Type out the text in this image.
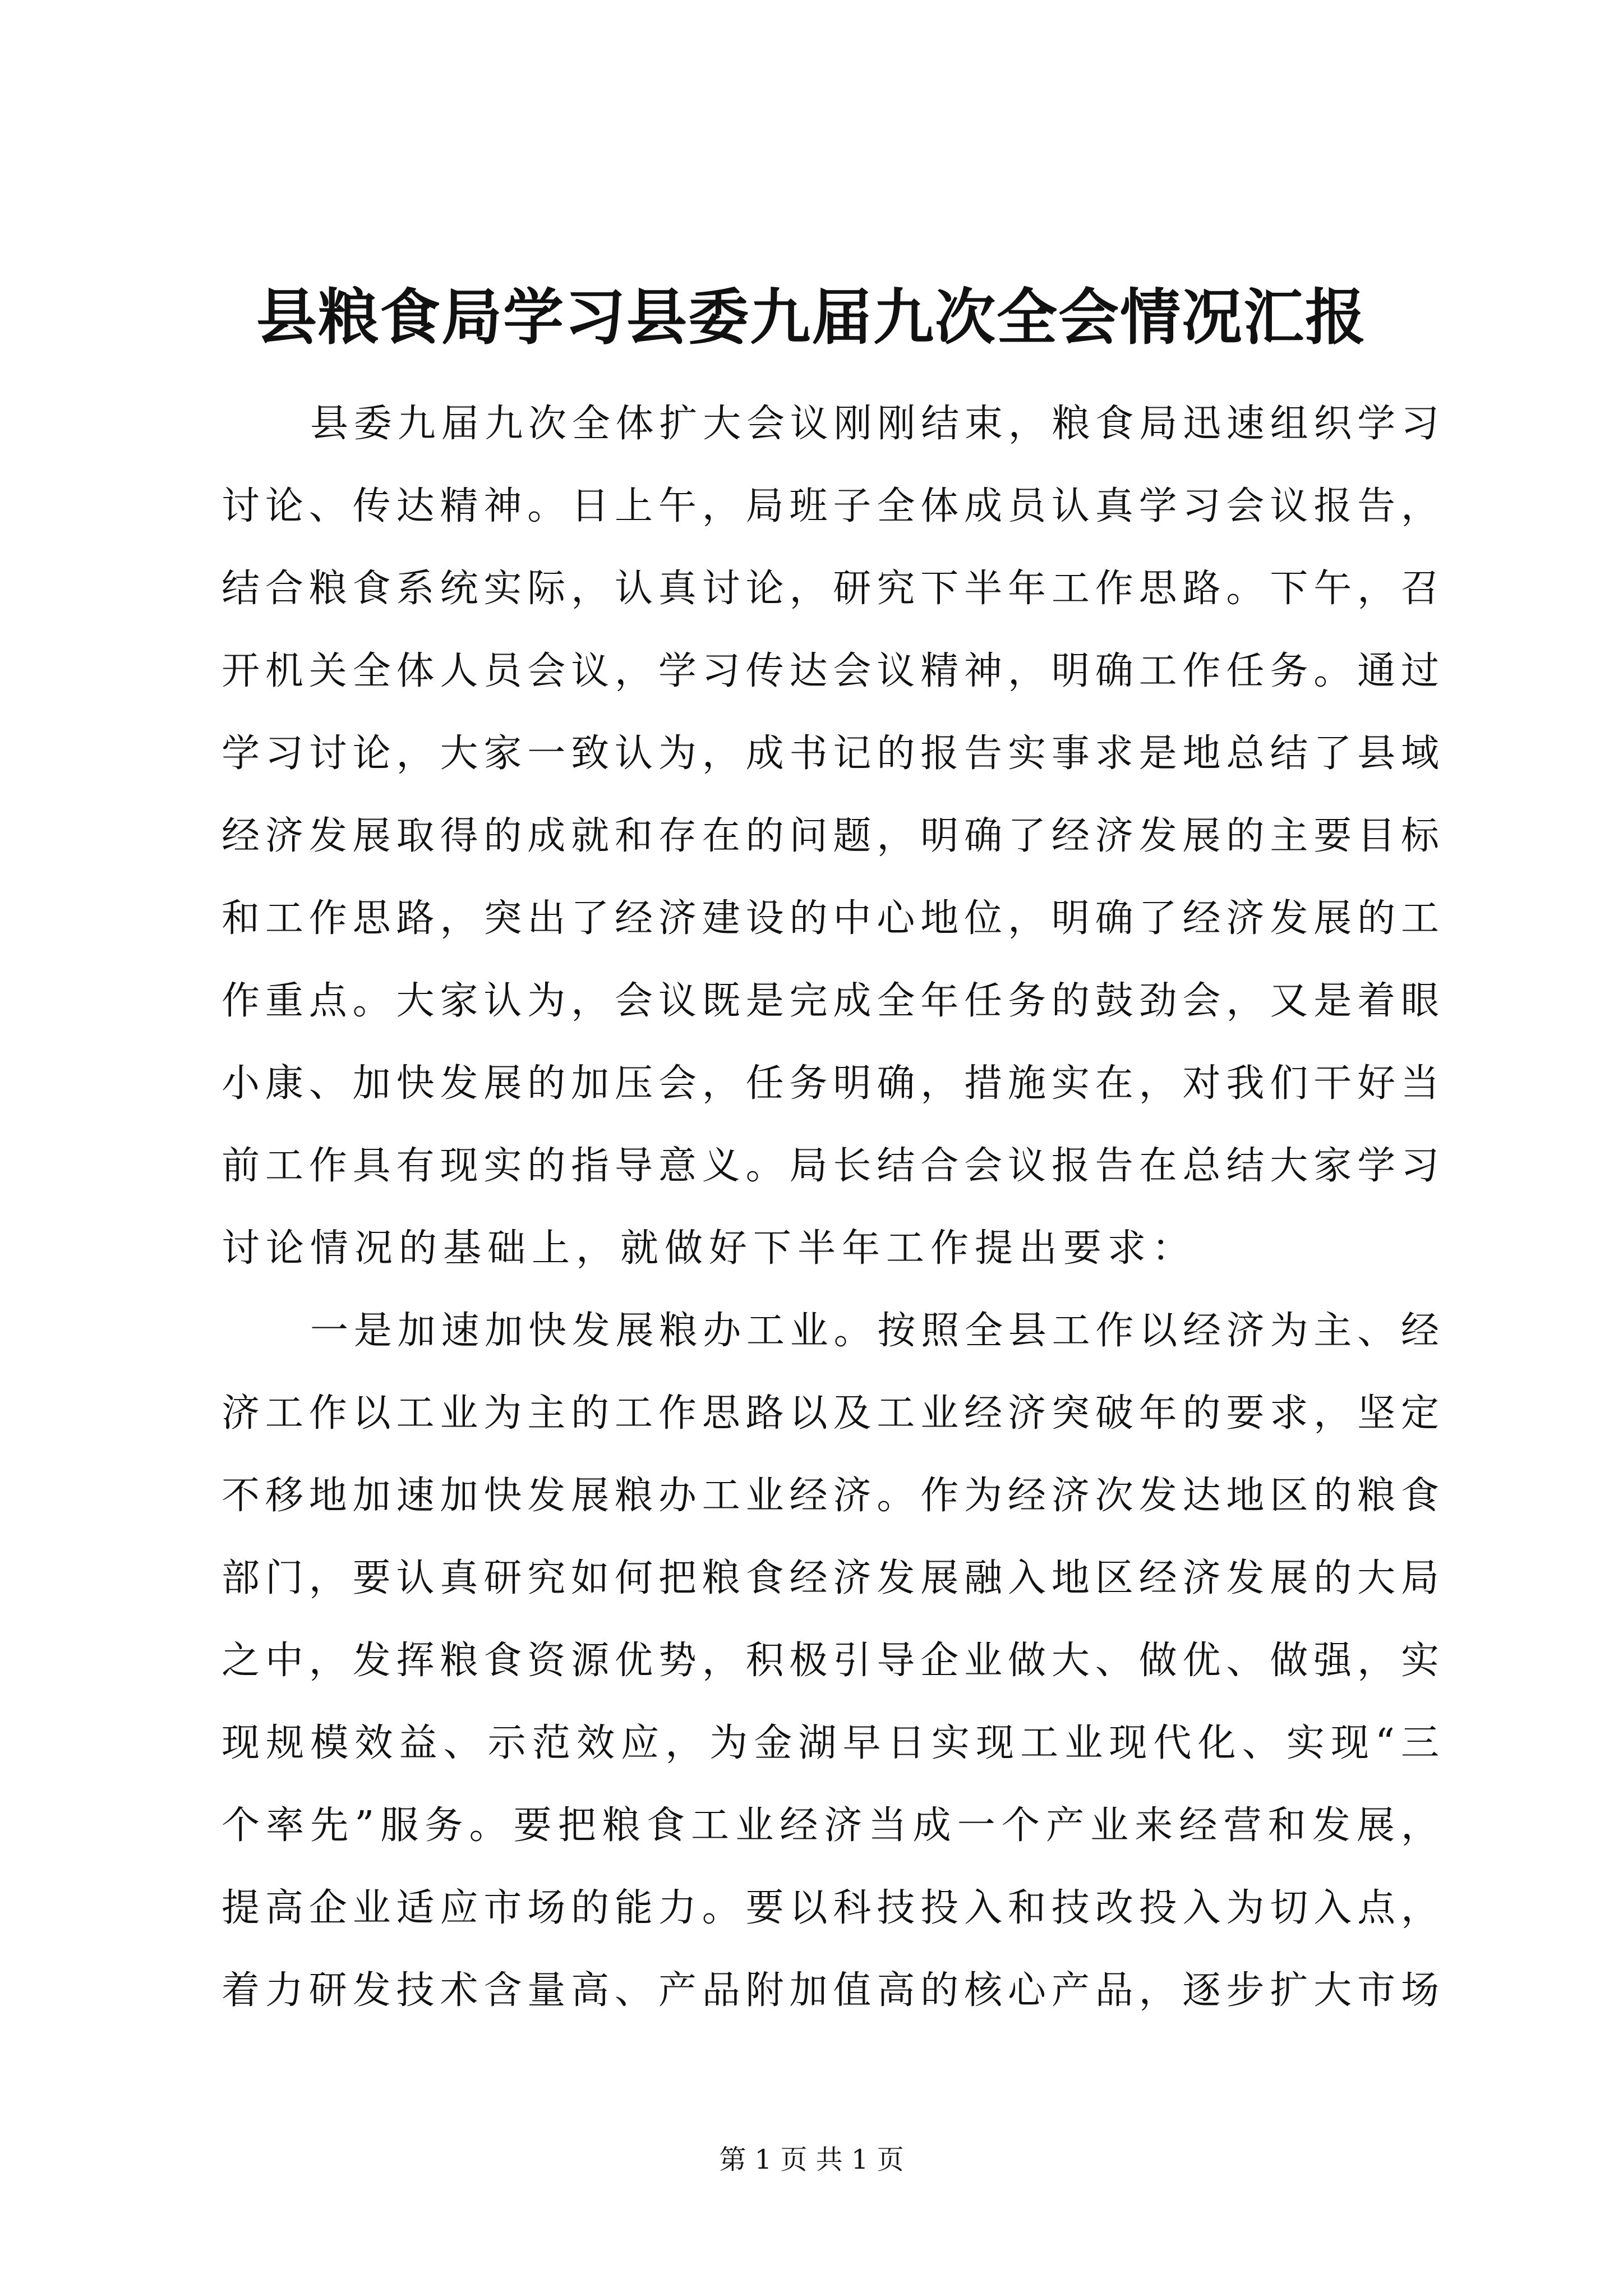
县粮食局学习县委九届九次全会情况汇报
县委九届九次全体扩大会议刚刚结束，粮食局迅速组织学习
讨论、传达精神。日上午，局班子全体成员认真学习会议报告，
结合粮食系统实际，认真讨论，研究下半年工作思路。下午，召
开机关全体人员会议，学习传达会议精神，明确工作任务。通过
学习讨论，大家一致认为，成书记的报告实事求是地总结了县域
经济发展取得的成就和存在的问题，明确了经济发展的主要目标
和工作思路，突出了经济建设的中心地位，明确了经济发展的工
作重点。大家认为，会议既是完成全年任务的鼓劲会，又是着眼
小康、加快发展的加压会，任务明确，措施实在，对我们干好当
前工作具有现实的指导意义。局长结合会议报告在总结大家学习
讨论情况的基础上，就做好下半年工作提出要求：
一是加速加快发展粮办工业。按照全县工作以经济为主、经
济工作以工业为主的工作思路以及工业经济突破年的要求，坚定
不移地加速加快发展粮办工业经济。作为经济次发达地区的粮食
部门，要认真研究如何把粮食经济发展融入地区经济发展的大局
之中，发挥粮食资源优势，积极引导企业做大、做优、做强，实
现规模效益、示范效应，为金湖早日实现工业现代化、实现“三
个率先”服务。要把粮食工业经济当成一个产业来经营和发展，
提高企业适应市场的能力。要以科技投入和技改投入为切入点，
着力研发技术含量高、产品附加值高的核心产品，逐步扩大市场
第 1 页 共 1 页
